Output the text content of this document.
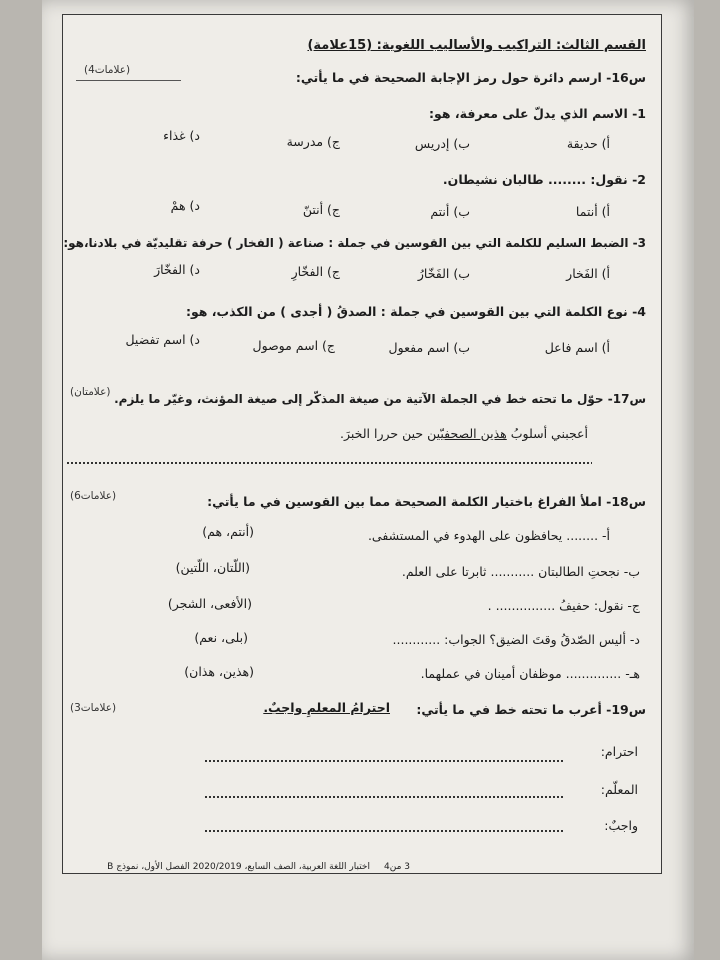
القسم الثالث: التراكيب والأساليب اللغوية: (15علامة)
(4علامات)	س16- ارسم دائرة حول رمز الإجابة الصحيحة في ما يأتي:
1- الاسم الذي يدلّ على معرفة، هو:
أ) حديقة
ب) إدريس
ج) مدرسة
د) غذاء
2- نقول: ........ طالبان نشيطان.
أ) أنتما
ب) أنتم
ج) أنتنّ
د) همْ
3- الضبط السليم للكلمة التي بين القوسين في جملة : صناعة ( الفخار ) حرفة تقليديّة في بلادنا،هو:
أ) الفَخار
ب) الفَخّارُ
ج) الفخّارِ
د) الفخّارَ
4- نوع الكلمة التي بين القوسين في جملة : الصدقُ ( أجدى ) من الكذب، هو:
أ) اسم فاعل
ب) اسم مفعول
ج) اسم موصول
د) اسم تفضيل
(علامتان) س17- حوّل ما تحته خط في الجملة الآتية من صيغة المذكّر إلى صيغة المؤنث، وغيّر ما يلزم.
أعجبني أسلوبُ هذين الصحفيّين حين حررا الخبرَ.
(6علامات)	س18- املأ الفراغ باختيار الكلمة الصحيحة مما بين القوسين في ما يأتي:
أ- ........ يحافظون على الهدوء في المستشفى.
(أنتم، هم)
ب- نجحتِ الطالبتان ........... ثابرتا على العلم.
(اللّتان، اللّتين)
ج- نقول: حفيفُ ............... .
(الأفعى، الشجر)
د- أليس الصّدقُ وقتَ الضيق؟ الجواب: ............
(بلى، نعم)
هـ- .............. موظفان أمينان في عملهما.
(هذين، هذان)
(3علامات)	س19- أعرب ما تحته خط في ما يأتي:
احترامُ المعلمِ واجبٌ.
احترام:
المعلّم:
واجبٌ:
3 من4
اختبار اللغة العربية، الصف السابع، 2020/2019 الفصل الأول، نموذج B
